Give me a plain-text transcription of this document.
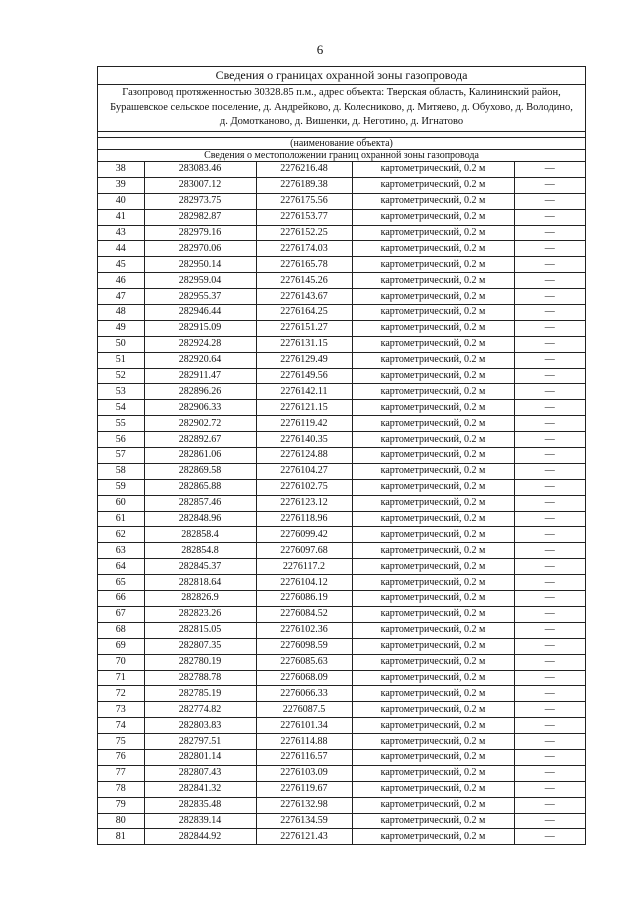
6
Сведения о границах охранной зоны газопровода
Газопровод протяженностью 30328.85 п.м., адрес объекта: Тверская область, Калининский район,
Бурашевское сельское поселение, д. Андрейково, д. Колесниково, д. Митяево, д. Обухово, д. Володино,
д. Домотканово, д. Вишенки, д. Неготино, д. Игнатово
(наименование объекта)
Сведения о местоположении границ охранной зоны газопровода
38	283083.46	2276216.48	картометрический, 0.2 м	—
39	283007.12	2276189.38	картометрический, 0.2 м	—
40	282973.75	2276175.56	картометрический, 0.2 м	—
41	282982.87	2276153.77	картометрический, 0.2 м	—
43	282979.16	2276152.25	картометрический, 0.2 м	—
44	282970.06	2276174.03	картометрический, 0.2 м	—
45	282950.14	2276165.78	картометрический, 0.2 м	—
46	282959.04	2276145.26	картометрический, 0.2 м	—
47	282955.37	2276143.67	картометрический, 0.2 м	—
48	282946.44	2276164.25	картометрический, 0.2 м	—
49	282915.09	2276151.27	картометрический, 0.2 м	—
50	282924.28	2276131.15	картометрический, 0.2 м	—
51	282920.64	2276129.49	картометрический, 0.2 м	—
52	282911.47	2276149.56	картометрический, 0.2 м	—
53	282896.26	2276142.11	картометрический, 0.2 м	—
54	282906.33	2276121.15	картометрический, 0.2 м	—
55	282902.72	2276119.42	картометрический, 0.2 м	—
56	282892.67	2276140.35	картометрический, 0.2 м	—
57	282861.06	2276124.88	картометрический, 0.2 м	—
58	282869.58	2276104.27	картометрический, 0.2 м	—
59	282865.88	2276102.75	картометрический, 0.2 м	—
60	282857.46	2276123.12	картометрический, 0.2 м	—
61	282848.96	2276118.96	картометрический, 0.2 м	—
62	282858.4	2276099.42	картометрический, 0.2 м	—
63	282854.8	2276097.68	картометрический, 0.2 м	—
64	282845.37	2276117.2	картометрический, 0.2 м	—
65	282818.64	2276104.12	картометрический, 0.2 м	—
66	282826.9	2276086.19	картометрический, 0.2 м	—
67	282823.26	2276084.52	картометрический, 0.2 м	—
68	282815.05	2276102.36	картометрический, 0.2 м	—
69	282807.35	2276098.59	картометрический, 0.2 м	—
70	282780.19	2276085.63	картометрический, 0.2 м	—
71	282788.78	2276068.09	картометрический, 0.2 м	—
72	282785.19	2276066.33	картометрический, 0.2 м	—
73	282774.82	2276087.5	картометрический, 0.2 м	—
74	282803.83	2276101.34	картометрический, 0.2 м	—
75	282797.51	2276114.88	картометрический, 0.2 м	—
76	282801.14	2276116.57	картометрический, 0.2 м	—
77	282807.43	2276103.09	картометрический, 0.2 м	—
78	282841.32	2276119.67	картометрический, 0.2 м	—
79	282835.48	2276132.98	картометрический, 0.2 м	—
80	282839.14	2276134.59	картометрический, 0.2 м	—
81	282844.92	2276121.43	картометрический, 0.2 м	—
